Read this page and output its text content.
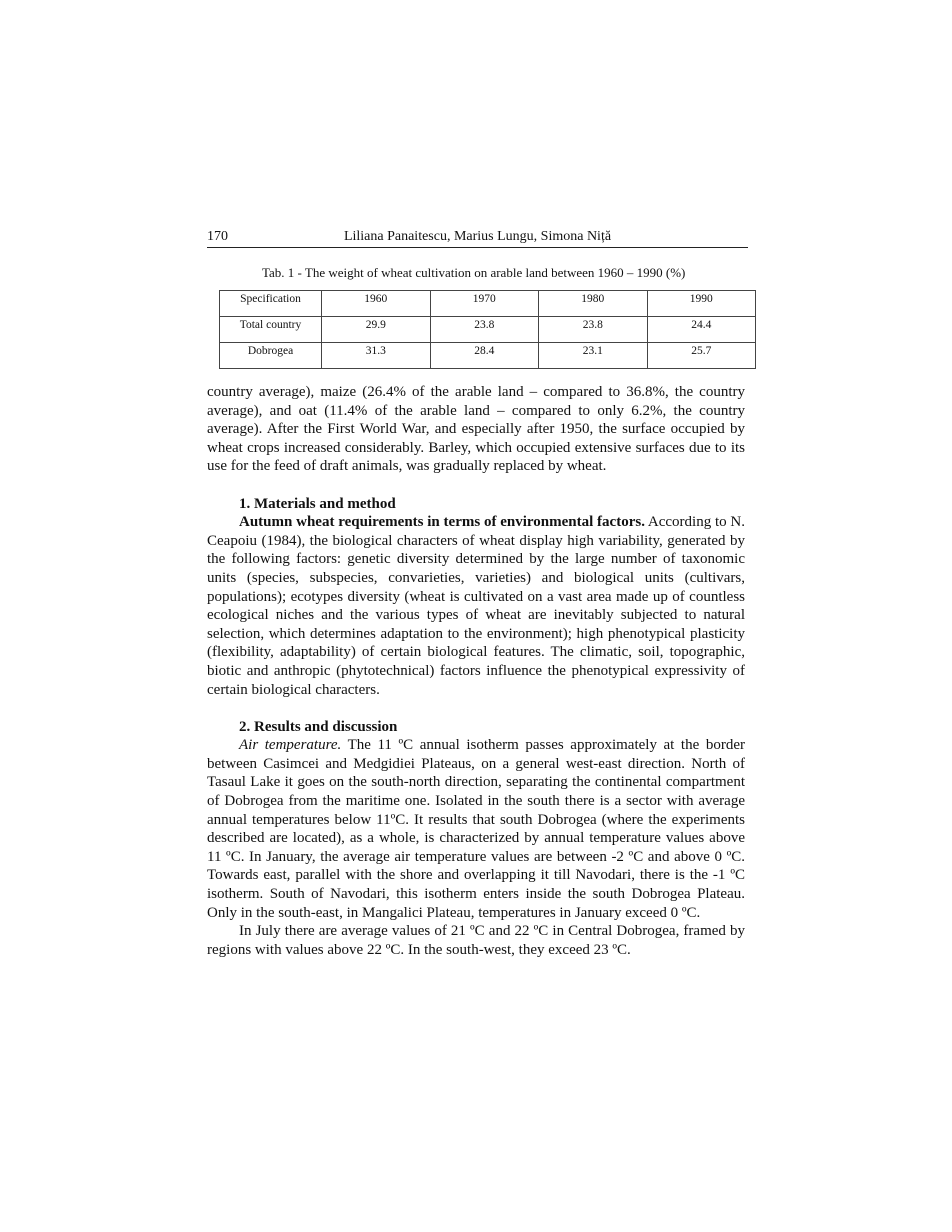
170	Liliana Panaitescu, Marius Lungu, Simona Niță
Tab. 1 - The weight of wheat cultivation on arable land between 1960 – 1990 (%)
Specification	1960	1970	1980	1990
Total country	29.9	23.8	23.8	24.4
Dobrogea	31.3	28.4	23.1	25.7

country average), maize (26.4% of the arable land – compared to 36.8%, the country average), and oat (11.4% of the arable land – compared to only 6.2%, the country average). After the First World War, and especially after 1950, the surface occupied by wheat crops increased considerably. Barley, which occupied extensive surfaces due to its use for the feed of draft animals, was gradually replaced by wheat.

1. Materials and method

Autumn wheat requirements in terms of environmental factors. According to N. Ceapoiu (1984), the biological characters of wheat display high variability, generated by the following factors: genetic diversity determined by the large number of taxonomic units (species, subspecies, convarieties, varieties) and biological units (cultivars, populations); ecotypes diversity (wheat is cultivated on a vast area made up of countless ecological niches and the various types of wheat are inevitably subjected to natural selection, which determines adaptation to the environment); high phenotypical plasticity (flexibility, adaptability) of certain biological features. The climatic, soil, topographic, biotic and anthropic (phytotechnical) factors influence the phenotypical expressivity of certain biological characters.

2. Results and discussion

Air temperature. The 11 ºC annual isotherm passes approximately at the border between Casimcei and Medgidiei Plateaus, on a general west-east direction. North of Tasaul Lake it goes on the south-north direction, separating the continental compartment of Dobrogea from the maritime one. Isolated in the south there is a sector with average annual temperatures below 11ºC. It results that south Dobrogea (where the experiments described are located), as a whole, is characterized by annual temperature values above 11 ºC. In January, the average air temperature values are between -2 ºC and above 0 ºC. Towards east, parallel with the shore and overlapping it till Navodari, there is the -1 ºC isotherm. South of Navodari, this isotherm enters inside the south Dobrogea Plateau. Only in the south-east, in Mangalici Plateau, temperatures in January exceed 0 ºC.

In July there are average values of 21 ºC and 22 ºC in Central Dobrogea, framed by regions with values above 22 ºC. In the south-west, they exceed 23 ºC.
